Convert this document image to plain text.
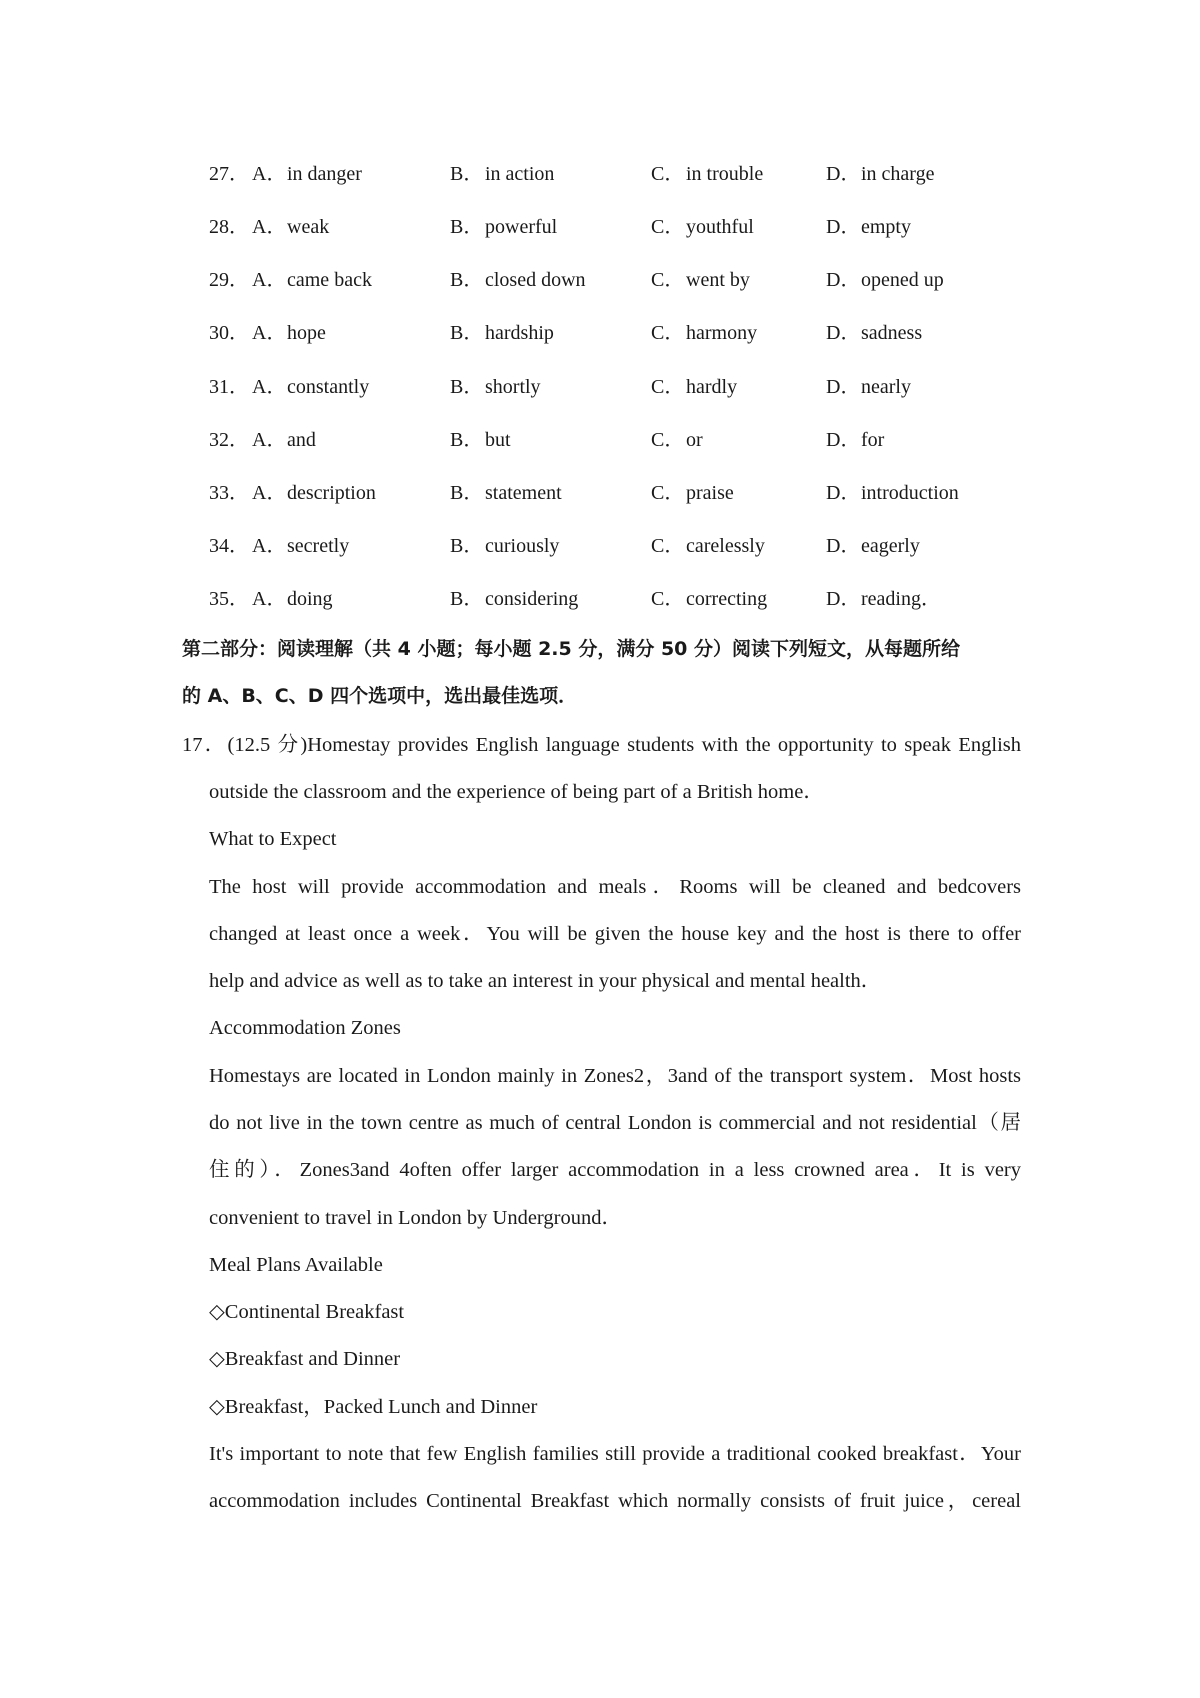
27． A．in danger	B．in action	C．in trouble	D．in charge
28． A．weak	B．powerful	C．youthful	D．empty
29． A．came back	B．closed down	C．went by	D．opened up
30． A．hope	B．hardship	C．harmony	D．sadness
31． A．constantly	B．shortly	C．hardly	D．nearly
32． A．and	B．but	C．or	D．for
33． A．description	B．statement	C．praise	D．introduction
34． A．secretly	B．curiously	C．carelessly	D．eagerly
35． A．doing	B．considering	C．correcting	D．reading．
第二部分：阅读理解（共 4 小题；每小题 2.5 分，满分 50 分）阅读下列短文，从每题所给
的 A、B、C、D 四个选项中，选出最佳选项．
17．(12.5 分)Homestay provides English language students with the opportunity to speak English
outside the classroom and the experience of being part of a British home．
What to Expect
The host will provide accommodation and meals．Rooms will be cleaned and bedcovers
changed at least once a week．You will be given the house key and the host is there to offer
help and advice as well as to take an interest in your physical and mental health．
Accommodation Zones
Homestays are located in London mainly in Zones2，3and of the transport system．Most hosts
do not live in the town centre as much of central London is commercial and not residential（居
住的）．Zones3and 4often offer larger accommodation in a less crowned area．It is very
convenient to travel in London by Underground．
Meal Plans Available
◇Continental Breakfast
◇Breakfast and Dinner
◇Breakfast，Packed Lunch and Dinner
It's important to note that few English families still provide a traditional cooked breakfast．Your
accommodation includes Continental Breakfast which normally consists of fruit juice，cereal
